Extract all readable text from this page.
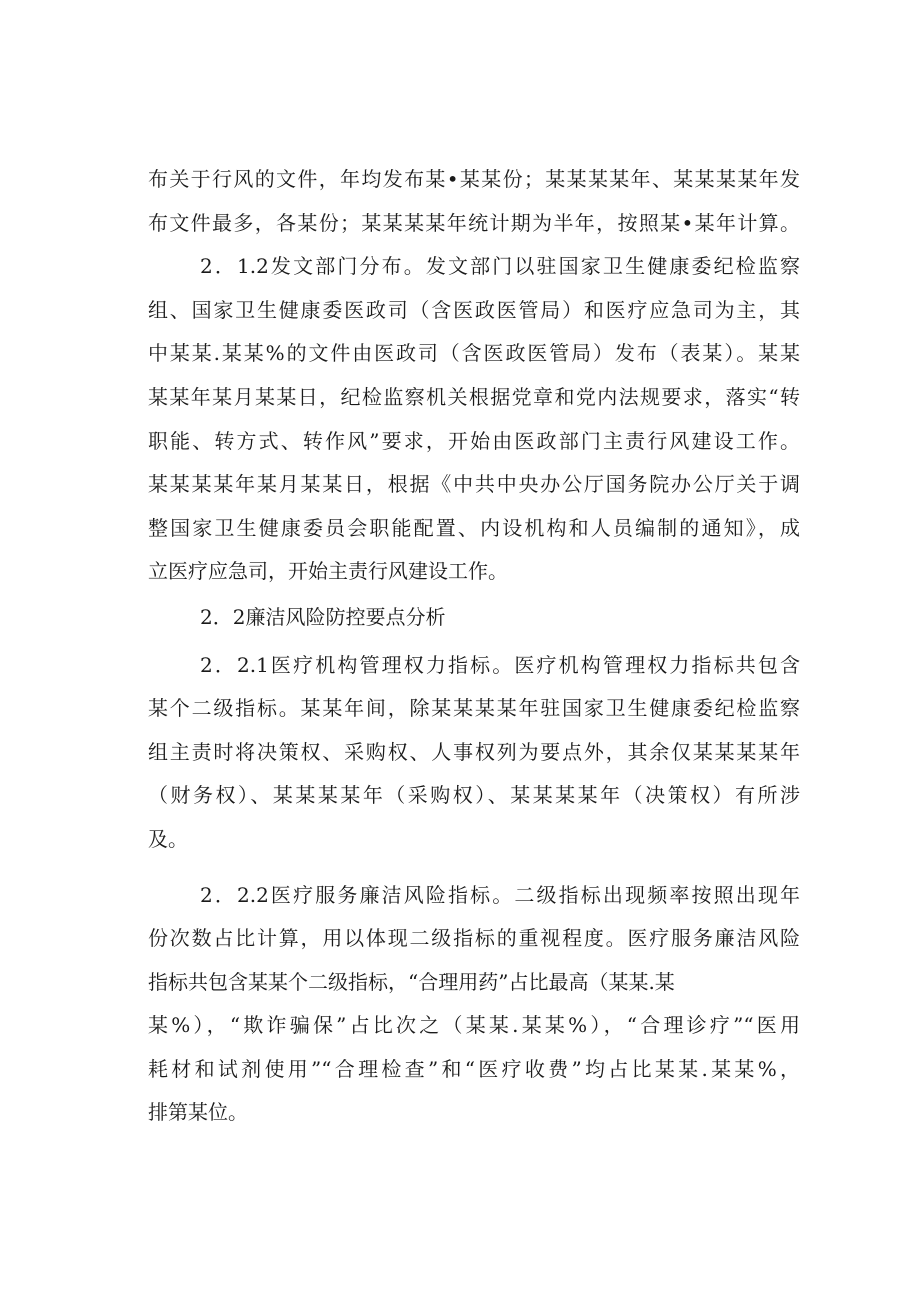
布关于行风的文件，年均发布某•某某份；某某某某年、某某某某年发
布文件最多，各某份；某某某某年统计期为半年，按照某•某年计算。
2．1.2发文部门分布。发文部门以驻国家卫生健康委纪检监察
组、国家卫生健康委医政司（含医政医管局）和医疗应急司为主，其
中某某.某某%的文件由医政司（含医政医管局）发布（表某）。某某
某某年某月某某日，纪检监察机关根据党章和党内法规要求，落实“转
职能、转方式、转作风”要求，开始由医政部门主责行风建设工作。
某某某某年某月某某日，根据《中共中央办公厅国务院办公厅关于调
整国家卫生健康委员会职能配置、内设机构和人员编制的通知》，成
立医疗应急司，开始主责行风建设工作。
2．2廉洁风险防控要点分析
2．2.1医疗机构管理权力指标。医疗机构管理权力指标共包含
某个二级指标。某某年间，除某某某某年驻国家卫生健康委纪检监察
组主责时将决策权、采购权、人事权列为要点外，其余仅某某某某年
（财务权）、某某某某年（采购权）、某某某某年（决策权）有所涉
及。
2．2.2医疗服务廉洁风险指标。二级指标出现频率按照出现年
份次数占比计算，用以体现二级指标的重视程度。医疗服务廉洁风险
指标共包含某某个二级指标，“合理用药”占比最高（某某.某
某%），“欺诈骗保”占比次之（某某.某某%），“合理诊疗”“医用
耗材和试剂使用”“合理检查”和“医疗收费”均占比某某.某某%，
排第某位。
